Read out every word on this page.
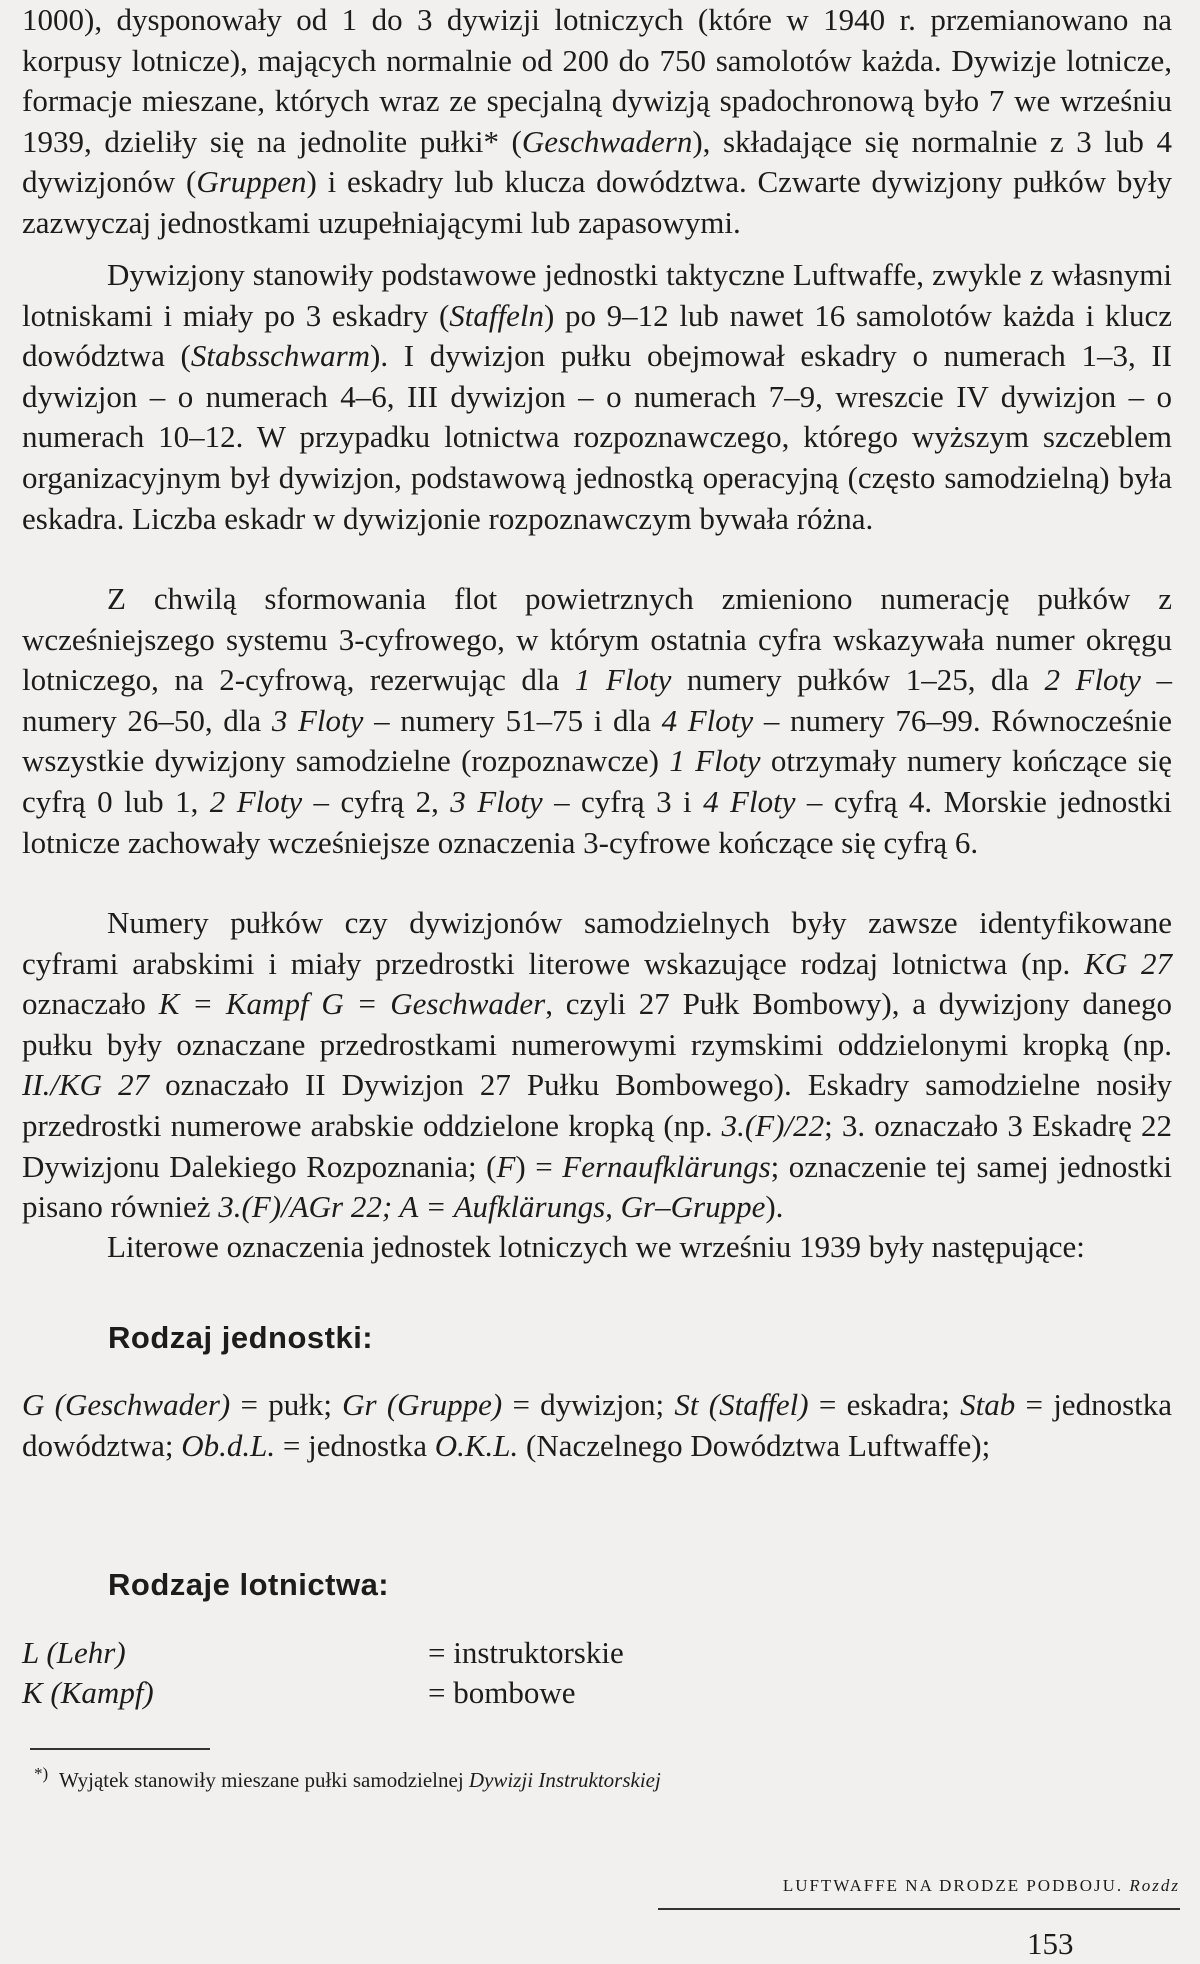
1000), dysponowały od 1 do 3 dywizji lotniczych (które w 1940 r. przemianowano na korpusy lotnicze), mających normalnie od 200 do 750 samolotów każda. Dywizje lotnicze, formacje mieszane, których wraz ze specjalną dywizją spadochronową było 7 we wrześniu 1939, dzieliły się na jednolite pułki* (Geschwadern), składające się normalnie z 3 lub 4 dywizjonów (Gruppen) i eskadry lub klucza dowództwa. Czwarte dywizjony pułków były zazwyczaj jednostkami uzupełniającymi lub zapasowymi.

Dywizjony stanowiły podstawowe jednostki taktyczne Luftwaffe, zwykle z własnymi lotniskami i miały po 3 eskadry (Staffeln) po 9–12 lub nawet 16 samolotów każda i klucz dowództwa (Stabsschwarm). I dywizjon pułku obejmował eskadry o numerach 1–3, II dywizjon – o numerach 4–6, III dywizjon – o numerach 7–9, wreszcie IV dywizjon – o numerach 10–12. W przypadku lotnictwa rozpoznawczego, którego wyższym szczeblem organizacyjnym był dywizjon, podstawową jednostką operacyjną (często samodzielną) była eskadra. Liczba eskadr w dywizjonie rozpoznawczym bywała różna.

Z chwilą sformowania flot powietrznych zmieniono numerację pułków z wcześniejszego systemu 3-cyfrowego, w którym ostatnia cyfra wskazywała numer okręgu lotniczego, na 2-cyfrową, rezerwując dla 1 Floty numery pułków 1–25, dla 2 Floty – numery 26–50, dla 3 Floty – numery 51–75 i dla 4 Floty – numery 76–99. Równocześnie wszystkie dywizjony samodzielne (rozpoznawcze) 1 Floty otrzymały numery kończące się cyfrą 0 lub 1, 2 Floty – cyfrą 2, 3 Floty – cyfrą 3 i 4 Floty – cyfrą 4. Morskie jednostki lotnicze zachowały wcześniejsze oznaczenia 3-cyfrowe kończące się cyfrą 6.

Numery pułków czy dywizjonów samodzielnych były zawsze identyfikowane cyframi arabskimi i miały przedrostki literowe wskazujące rodzaj lotnictwa (np. KG 27 oznaczało K = Kampf G = Geschwader, czyli 27 Pułk Bombowy), a dywizjony danego pułku były oznaczane przedrostkami numerowymi rzymskimi oddzielonymi kropką (np. II./KG 27 oznaczało II Dywizjon 27 Pułku Bombowego). Eskadry samodzielne nosiły przedrostki numerowe arabskie oddzielone kropką (np. 3.(F)/22; 3. oznaczało 3 Eskadrę 22 Dywizjonu Dalekiego Rozpoznania; (F) = Fernaufklärungs; oznaczenie tej samej jednostki pisano również 3.(F)/AGr 22; A = Aufklärungs, Gr–Gruppe).

Literowe oznaczenia jednostek lotniczych we wrześniu 1939 były następujące:

Rodzaj jednostki:

G (Geschwader) = pułk; Gr (Gruppe) = dywizjon; St (Staffel) = eskadra; Stab = jednostka dowództwa; Ob.d.L. = jednostka O.K.L. (Naczelnego Dowództwa Luftwaffe);

Rodzaje lotnictwa:
L (Lehr)	= instruktorskie
K (Kampf)	= bombowe
*) Wyjątek stanowiły mieszane pułki samodzielnej Dywizji Instruktorskiej
LUFTWAFFE NA DRODZE PODBOJU. Rozdz
153
